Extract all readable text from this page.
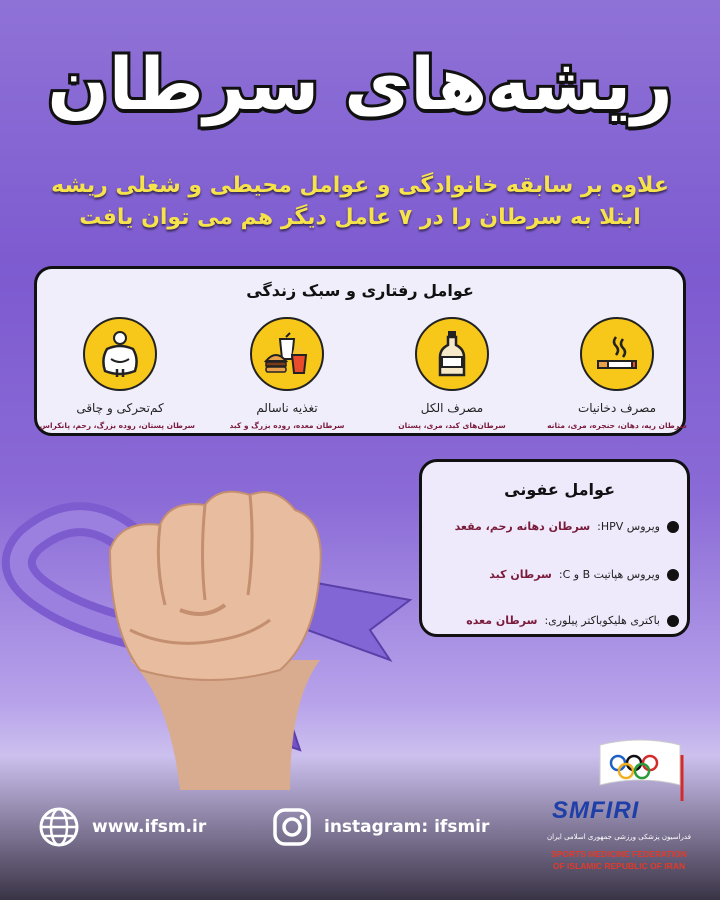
ریشه‌های سرطان
علاوه بر سابقه خانوادگی و عوامل محیطی و شغلی ریشه
ابتلا به سرطان را در ۷ عامل دیگر هم می توان یافت
عوامل رفتاری و سبک زندگی
مصرف دخانیات
سرطان ریه، دهان، حنجره، مری، مثانه
مصرف الکل
سرطان‌های کبد، مری، پستان
تغذیه ناسالم
سرطان معده، روده بزرگ و کبد
کم‌تحرکی و چاقی
سرطان پستان، روده بزرگ، رحم، پانکراس
عوامل عفونی
ویروس HPV:
سرطان دهانه رحم، مقعد
ویروس هپاتیت B و C:
سرطان کبد
باکتری هلیکوباکتر پیلوری:
سرطان معده
www.ifsm.ir	instagram: ifsmir
SMFIRI
فدراسیون پزشکی ورزشی جمهوری اسلامی ایران
SPORTS MEDICINE FEDERATION
OF ISLAMIC REPUBLIC OF IRAN
